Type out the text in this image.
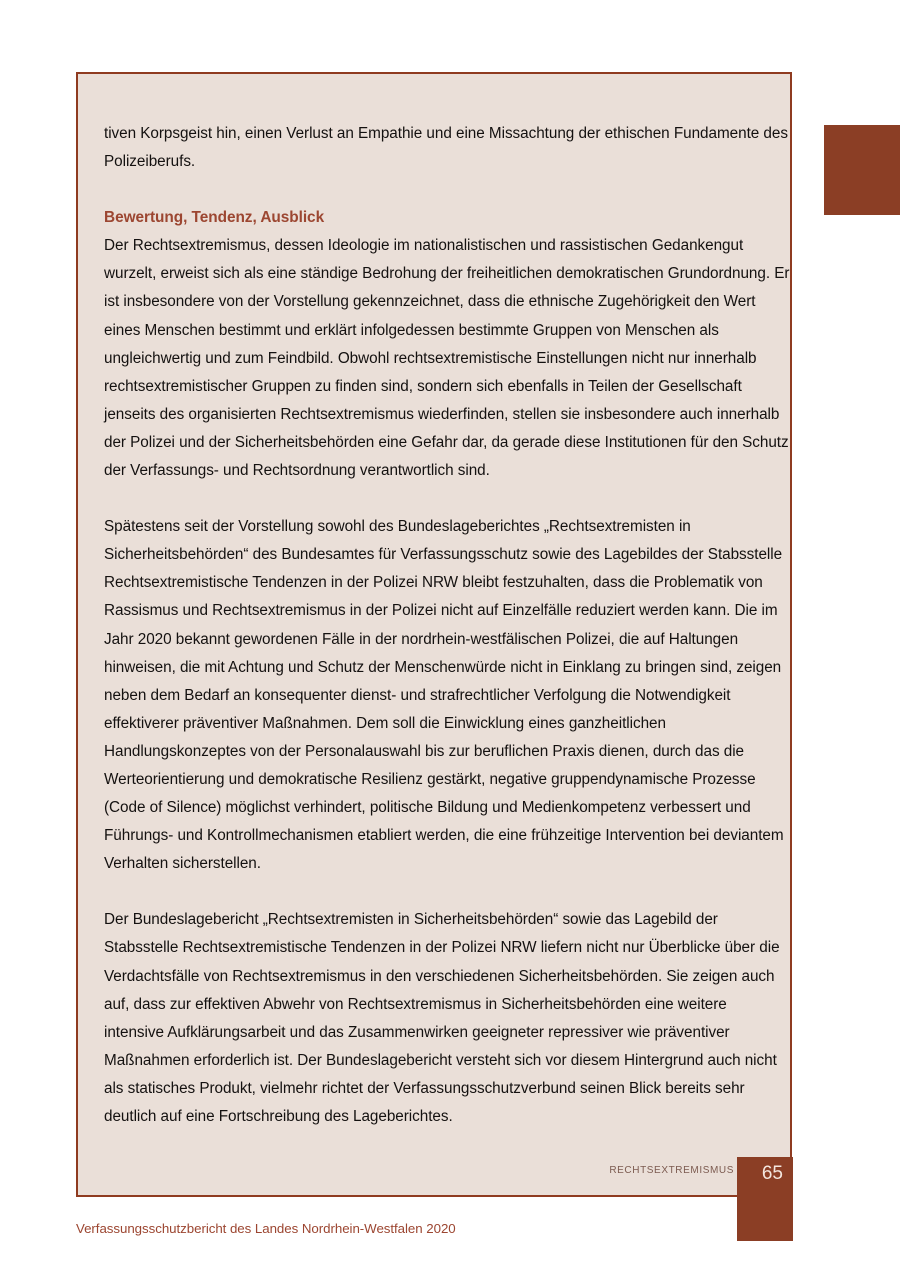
tiven Korpsgeist hin, einen Verlust an Empathie und eine Missachtung der ethischen Fundamente des Polizeiberufs.

Bewertung, Tendenz, Ausblick

Der Rechtsextremismus, dessen Ideologie im nationalistischen und rassistischen Gedankengut wurzelt, erweist sich als eine ständige Bedrohung der freiheitlichen demokratischen Grundordnung. Er ist insbesondere von der Vorstellung gekennzeichnet, dass die ethnische Zugehörigkeit den Wert eines Menschen bestimmt und erklärt infolgedessen bestimmte Gruppen von Menschen als ungleichwertig und zum Feindbild. Obwohl rechtsextremistische Einstellungen nicht nur innerhalb rechtsextremistischer Gruppen zu finden sind, sondern sich ebenfalls in Teilen der Gesellschaft jenseits des organisierten Rechtsextremismus wiederfinden, stellen sie insbesondere auch innerhalb der Polizei und der Sicherheitsbehörden eine Gefahr dar, da gerade diese Institutionen für den Schutz der Verfassungs- und Rechtsordnung verantwortlich sind.

Spätestens seit der Vorstellung sowohl des Bundeslageberichtes „Rechtsextremisten in Sicherheitsbehörden“ des Bundesamtes für Verfassungsschutz sowie des Lagebildes der Stabsstelle Rechtsextremistische Tendenzen in der Polizei NRW bleibt festzuhalten, dass die Problematik von Rassismus und Rechtsextremismus in der Polizei nicht auf Einzelfälle reduziert werden kann. Die im Jahr 2020 bekannt gewordenen Fälle in der nordrhein-westfälischen Polizei, die auf Haltungen hinweisen, die mit Achtung und Schutz der Menschenwürde nicht in Einklang zu bringen sind, zeigen neben dem Bedarf an konsequenter dienst- und strafrechtlicher Verfolgung die Notwendigkeit effektiverer präventiver Maßnahmen. Dem soll die Einwicklung eines ganzheitlichen Handlungskonzeptes von der Personalauswahl bis zur beruflichen Praxis dienen, durch das die Werteorientierung und demokratische Resilienz gestärkt, negative gruppendynamische Prozesse (Code of Silence) möglichst verhindert, politische Bildung und Medienkompetenz verbessert und Führungs- und Kontrollmechanismen etabliert werden, die eine frühzeitige Intervention bei deviantem Verhalten sicherstellen.

Der Bundeslagebericht „Rechtsextremisten in Sicherheitsbehörden“ sowie das Lagebild der Stabsstelle Rechtsextremistische Tendenzen in der Polizei NRW liefern nicht nur Überblicke über die Verdachtsfälle von Rechtsextremismus in den verschiedenen Sicherheitsbehörden. Sie zeigen auch auf, dass zur effektiven Abwehr von Rechtsextremismus in Sicherheitsbehörden eine weitere intensive Aufklärungsarbeit und das Zusammenwirken geeigneter repressiver wie präventiver Maßnahmen erforderlich ist. Der Bundeslagebericht versteht sich vor diesem Hintergrund auch nicht als statisches Produkt, vielmehr richtet der Verfassungsschutzverbund seinen Blick bereits sehr deutlich auf eine Fortschreibung des Lageberichtes.

rechtsextremismus 65
Verfassungsschutzbericht des Landes Nordrhein-Westfalen 2020
